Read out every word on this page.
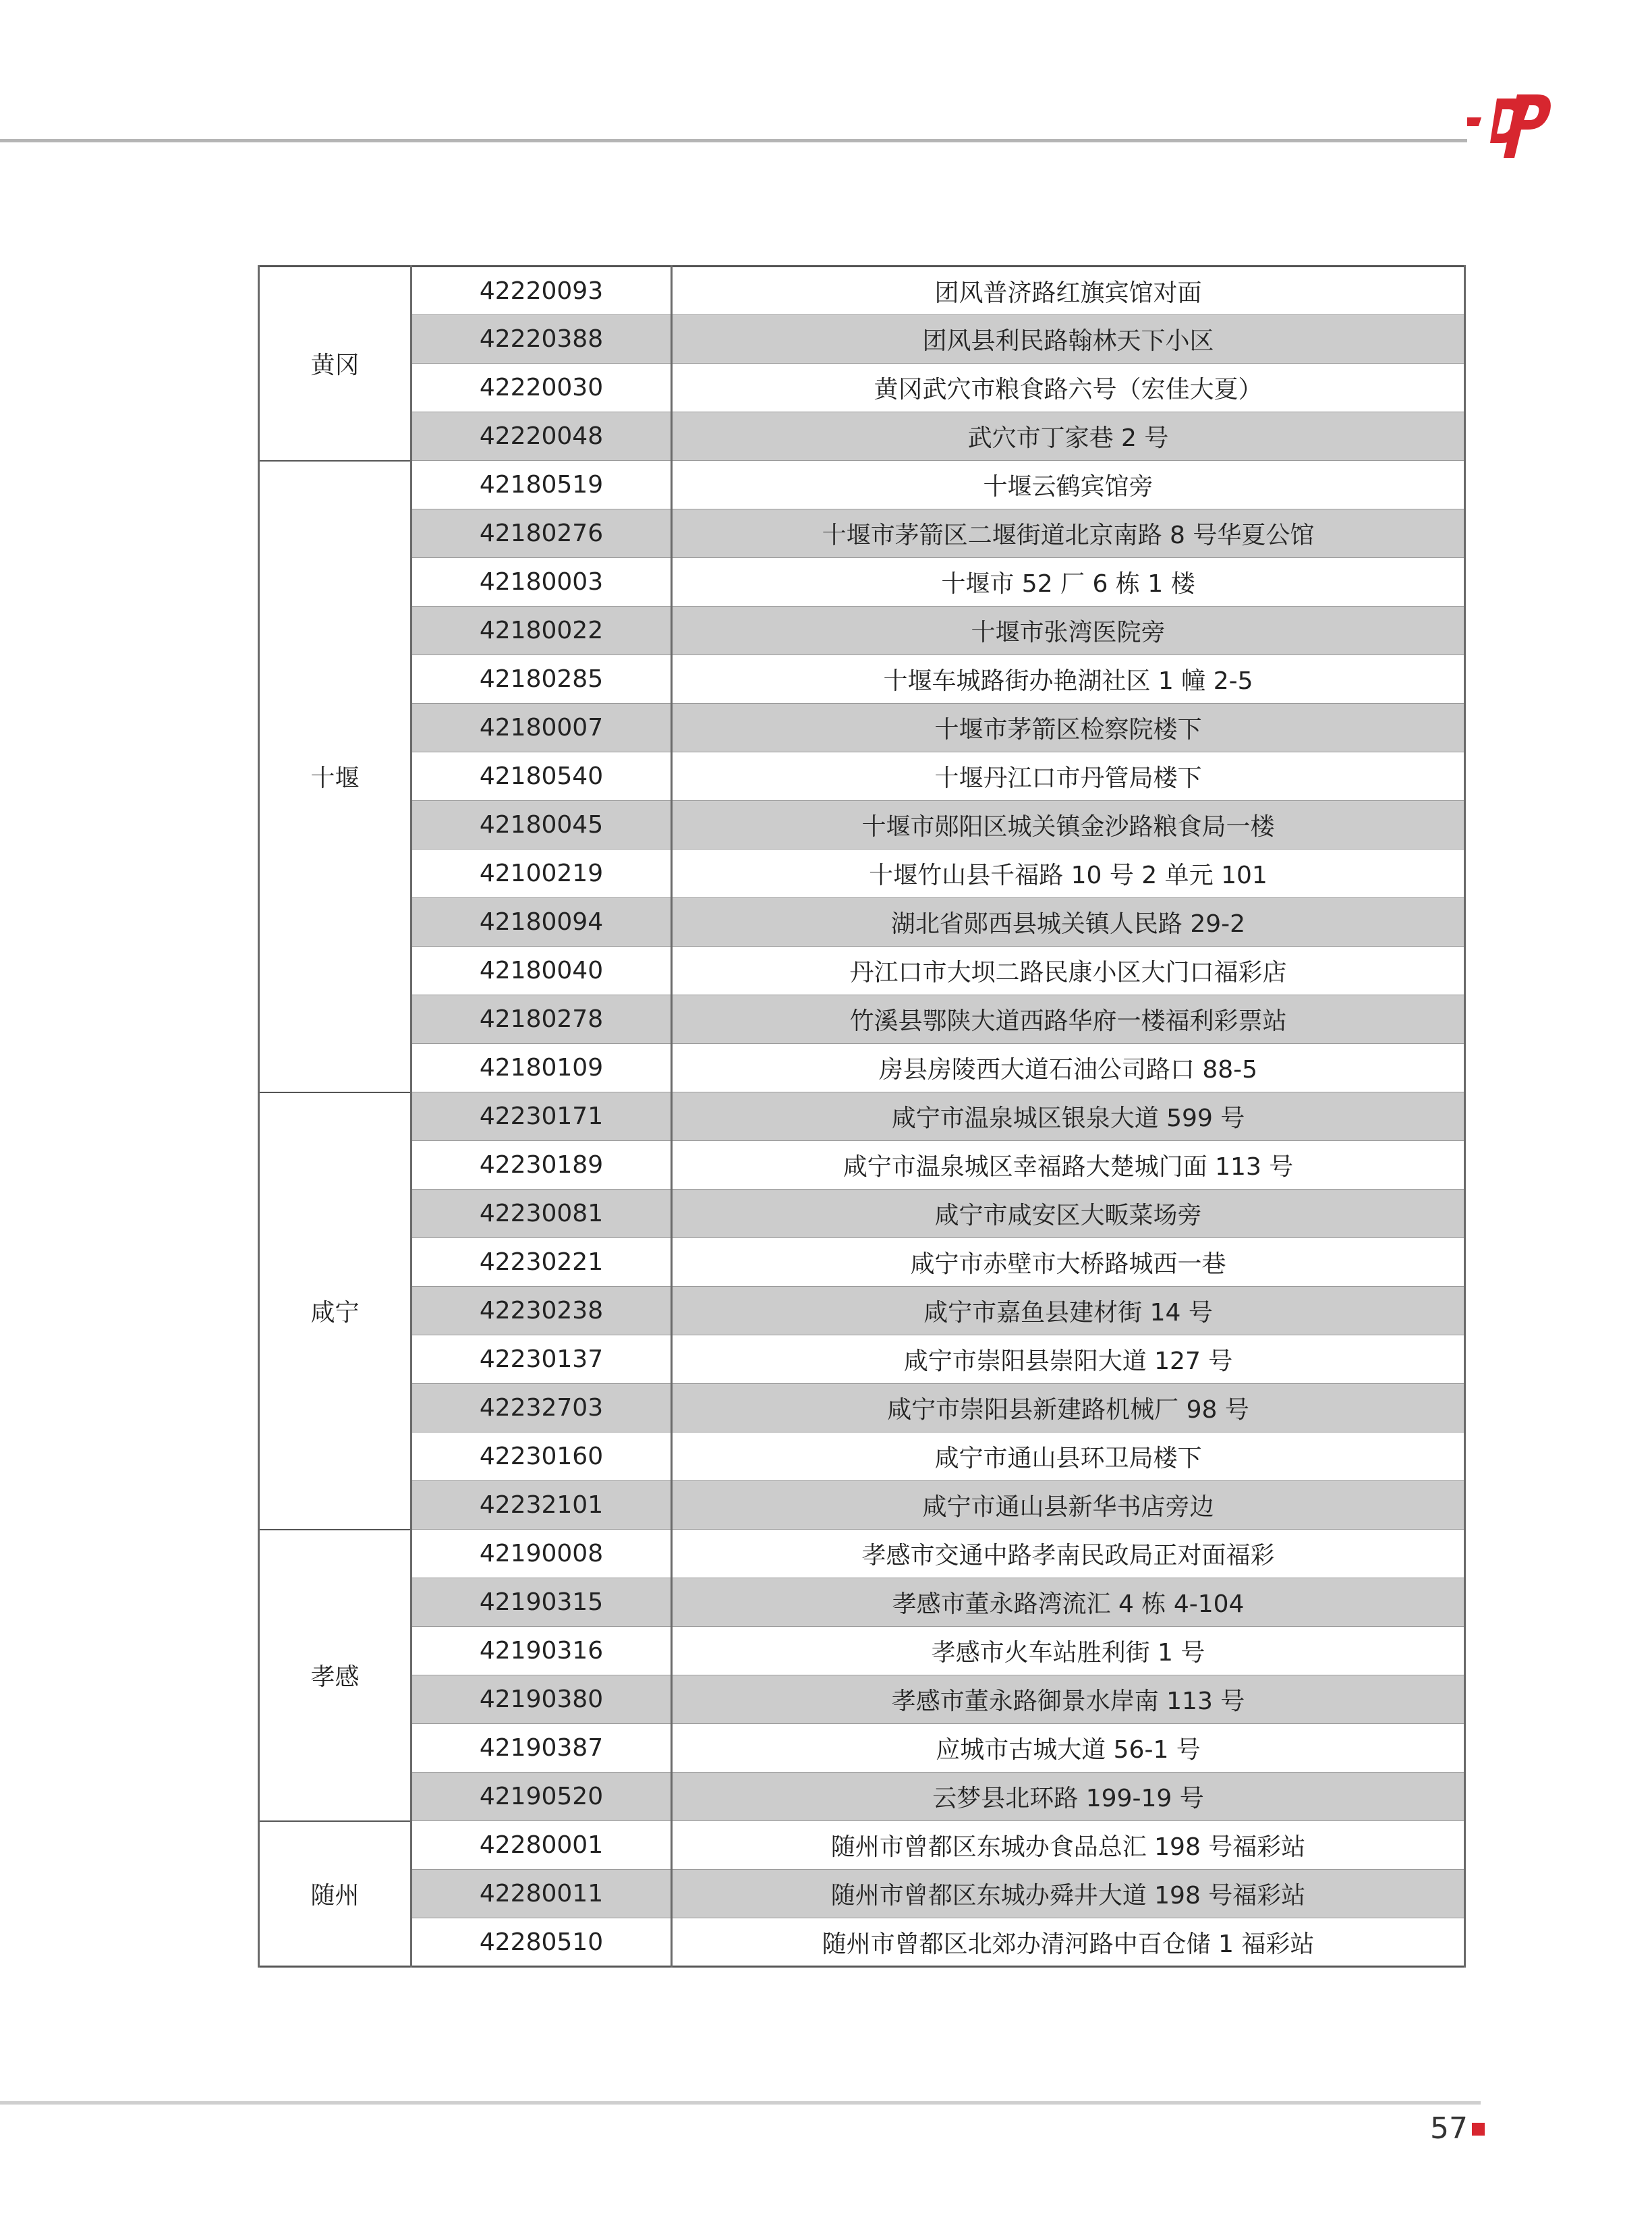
黄冈	42220093	团风普济路红旗宾馆对面
	42220388	团风县利民路翰林天下小区
	42220030	黄冈武穴市粮食路六号（宏佳大夏）
	42220048	武穴市丁家巷 2 号
十堰	42180519	十堰云鹤宾馆旁
	42180276	十堰市茅箭区二堰街道北京南路 8 号华夏公馆
	42180003	十堰市 52 厂 6 栋 1 楼
	42180022	十堰市张湾医院旁
	42180285	十堰车城路街办艳湖社区 1 幢 2-5
	42180007	十堰市茅箭区检察院楼下
	42180540	十堰丹江口市丹管局楼下
	42180045	十堰市郧阳区城关镇金沙路粮食局一楼
	42100219	十堰竹山县千福路 10 号 2 单元 101
	42180094	湖北省郧西县城关镇人民路 29-2
	42180040	丹江口市大坝二路民康小区大门口福彩店
	42180278	竹溪县鄂陕大道西路华府一楼福利彩票站
	42180109	房县房陵西大道石油公司路口 88-5
咸宁	42230171	咸宁市温泉城区银泉大道 599 号
	42230189	咸宁市温泉城区幸福路大楚城门面 113 号
	42230081	咸宁市咸安区大畈菜场旁
	42230221	咸宁市赤壁市大桥路城西一巷
	42230238	咸宁市嘉鱼县建材街 14 号
	42230137	咸宁市崇阳县崇阳大道 127 号
	42232703	咸宁市崇阳县新建路机械厂 98 号
	42230160	咸宁市通山县环卫局楼下
	42232101	咸宁市通山县新华书店旁边
孝感	42190008	孝感市交通中路孝南民政局正对面福彩
	42190315	孝感市董永路湾流汇 4 栋 4-104
	42190316	孝感市火车站胜利街 1 号
	42190380	孝感市董永路御景水岸南 113 号
	42190387	应城市古城大道 56-1 号
	42190520	云梦县北环路 199-19 号
随州	42280001	随州市曾都区东城办食品总汇 198 号福彩站
	42280011	随州市曾都区东城办舜井大道 198 号福彩站
	42280510	随州市曾都区北郊办清河路中百仓储 1 福彩站
57
